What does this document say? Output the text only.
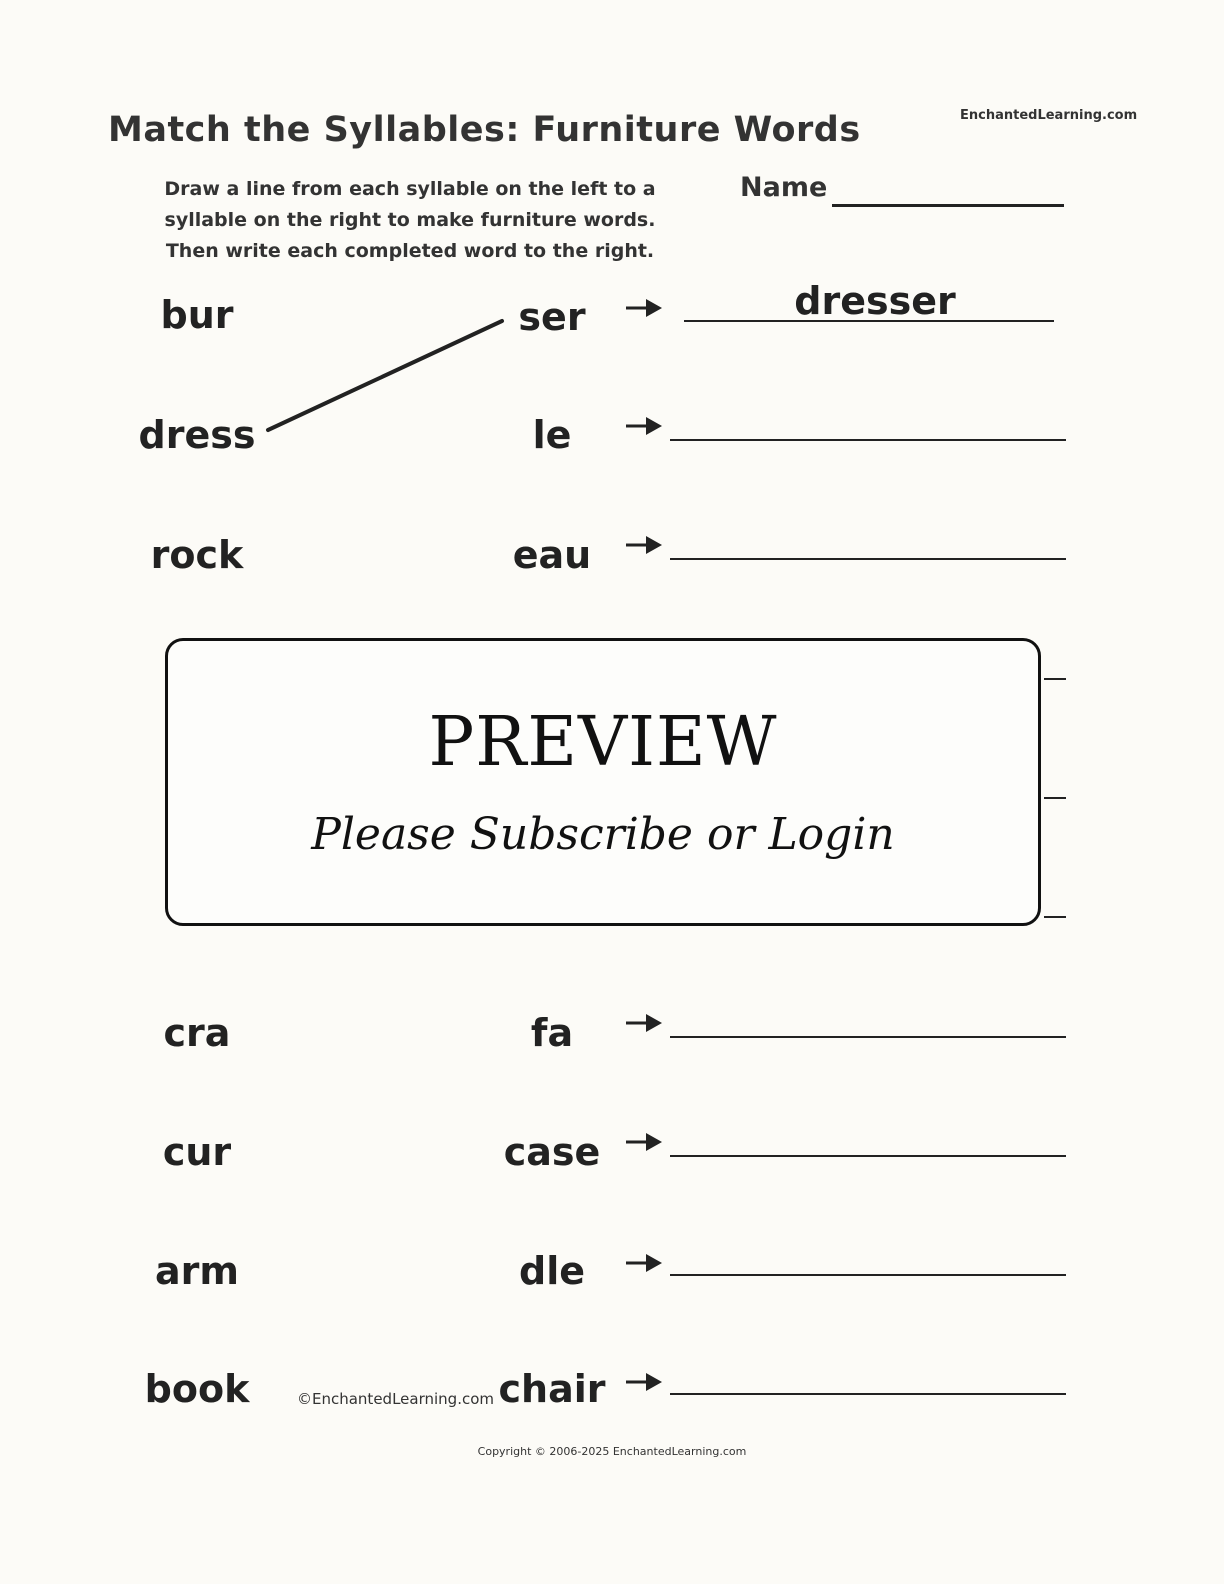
Match the Syllables: Furniture Words	EnchantedLearning.com
Draw a line from each syllable on the left to a
syllable on the right to make furniture words.
Then write each completed word to the right.
Name
bur
dress
rock
ser
le
eau
dresser
PREVIEW
Please Subscribe or Login
cra
cur
arm
book
fa
case
dle
chair
©EnchantedLearning.com
Copyright © 2006-2025 EnchantedLearning.com
